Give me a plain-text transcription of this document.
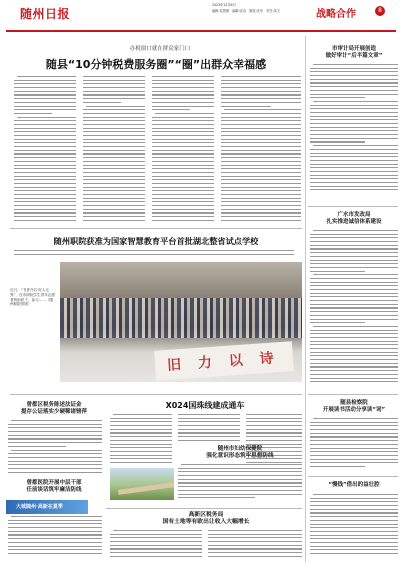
随州日报
2023年12月6日
编辑:兆思理　编辑:沈诗　版权:沈华　责任:邦义	战略合作	8
办税窗口就在群众家门口
随县“10分钟税费服务圈”“圈”出群众幸福感
随州职院获准为国家智慧教育平台首批湖北整省试点学校
近日，“书香开启·好人无界”，在市职院学生青年志愿者的组织下，参与……（随州职院供图）
旧 力 以 诗
曾都区税务陈述法证金
提存公证落实少硬稀诸镑萍
曾都医院开展中层干部
任前谈话筑牢廉洁防线
大城随州·高新在夏季
X024国珠线建成通车
随州市妇幼保健院
强化意识形态筑牢思想防线
高新区税务局
国有土地等有欧出让收入大幅增长
市审计局开展创造
做好审计“后半篇文章”
广水市发改局
扎实推进诚信体系建设
随县检察院
开展读书活动分享读“词”
“慢钱”借出的益壮腔
